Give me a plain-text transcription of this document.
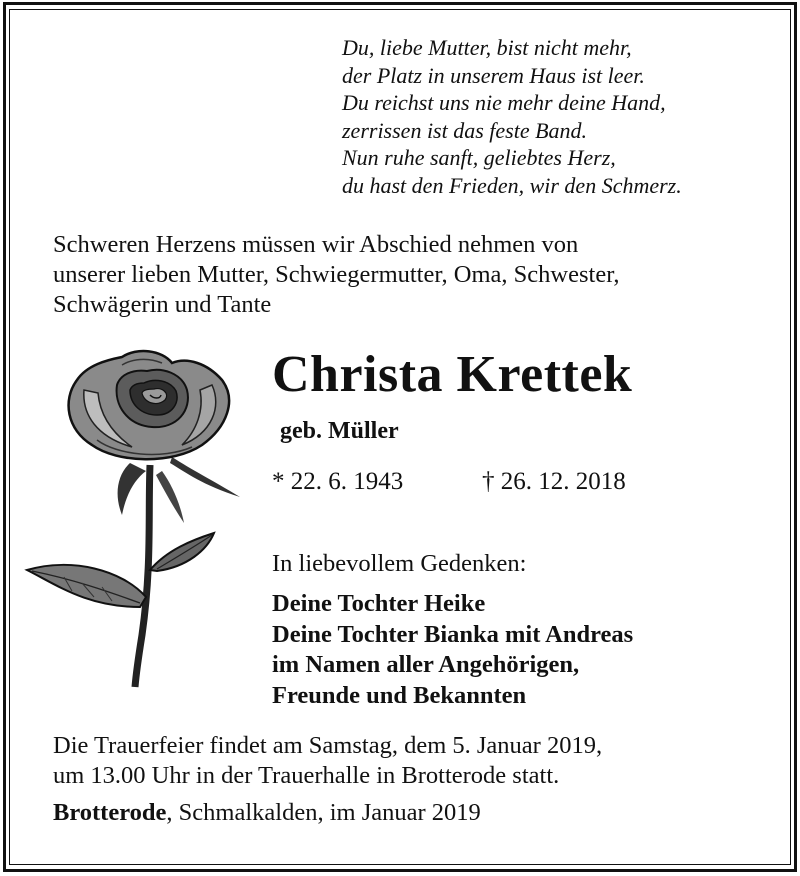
Du, liebe Mutter, bist nicht mehr,
der Platz in unserem Haus ist leer.
Du reichst uns nie mehr deine Hand,
zerrissen ist das feste Band.
Nun ruhe sanft, geliebtes Herz,
du hast den Frieden, wir den Schmerz.
Schweren Herzens müssen wir Abschied nehmen von
unserer lieben Mutter, Schwiegermutter, Oma, Schwester,
Schwägerin und Tante
Christa Krettek
geb. Müller
* 22. 6. 1943	† 26. 12. 2018
In liebevollem Gedenken:
Deine Tochter Heike
Deine Tochter Bianka mit Andreas
im Namen aller Angehörigen,
Freunde und Bekannten
Die Trauerfeier findet am Samstag, dem 5. Januar 2019,
um 13.00 Uhr in der Trauerhalle in Brotterode statt.
Brotterode, Schmalkalden, im Januar 2019
